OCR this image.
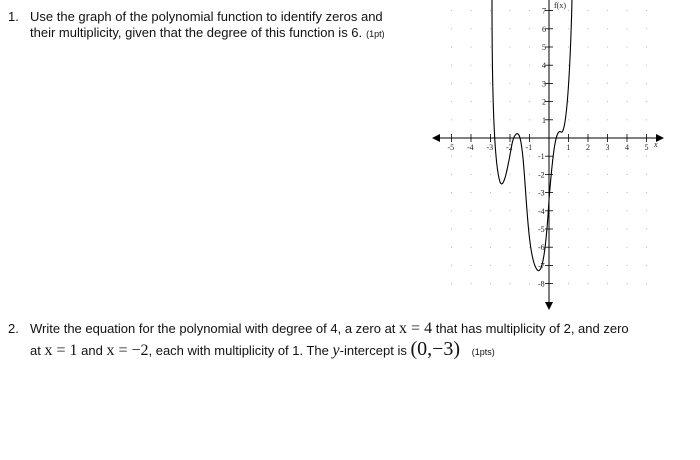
1. Use the graph of the polynomial function to identify zeros and
their multiplicity, given that the degree of this function is 6. (1pt)
-5 -4 -3 -2 -1	1 2 3 4 5
7
6
5
4
3
2
1
-1
-2
-3
-4
-5
-6
-7
-8
f(x)
x
2. Write the equation for the polynomial with degree of 4, a zero at x = 4 that has multiplicity of 2, and zero
at x = 1 and x = −2, each with multiplicity of 1. The y-intercept is (0,−3) (1pts)
